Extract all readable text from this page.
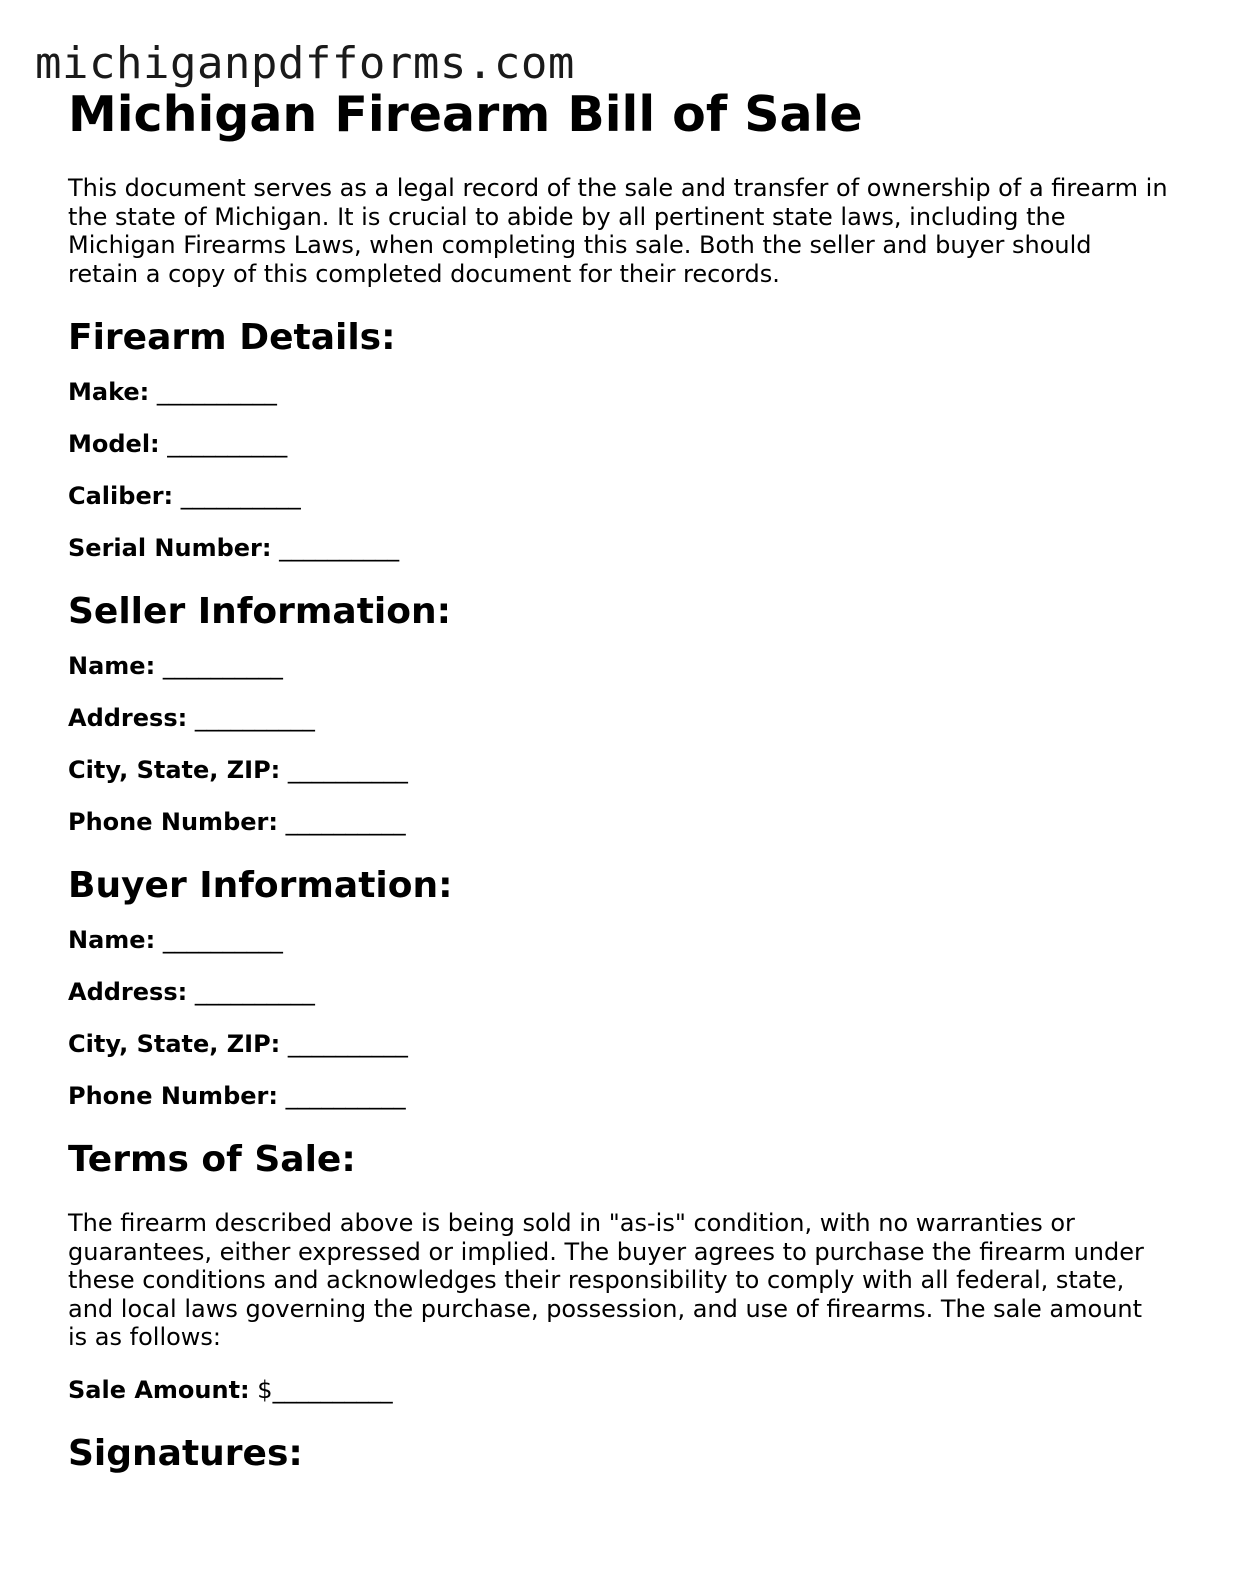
michiganpdfforms.com
Michigan Firearm Bill of Sale

This document serves as a legal record of the sale and transfer of ownership of a firearm in the state of Michigan. It is crucial to abide by all pertinent state laws, including the Michigan Firearms Laws, when completing this sale. Both the seller and buyer should retain a copy of this completed document for their records.

Firearm Details:

Make: __________

Model: __________

Caliber: __________

Serial Number: __________

Seller Information:

Name: __________

Address: __________

City, State, ZIP: __________

Phone Number: __________

Buyer Information:

Name: __________

Address: __________

City, State, ZIP: __________

Phone Number: __________

Terms of Sale:

The firearm described above is being sold in "as-is" condition, with no warranties or guarantees, either expressed or implied. The buyer agrees to purchase the firearm under these conditions and acknowledges their responsibility to comply with all federal, state, and local laws governing the purchase, possession, and use of firearms. The sale amount is as follows:

Sale Amount: $__________

Signatures:
